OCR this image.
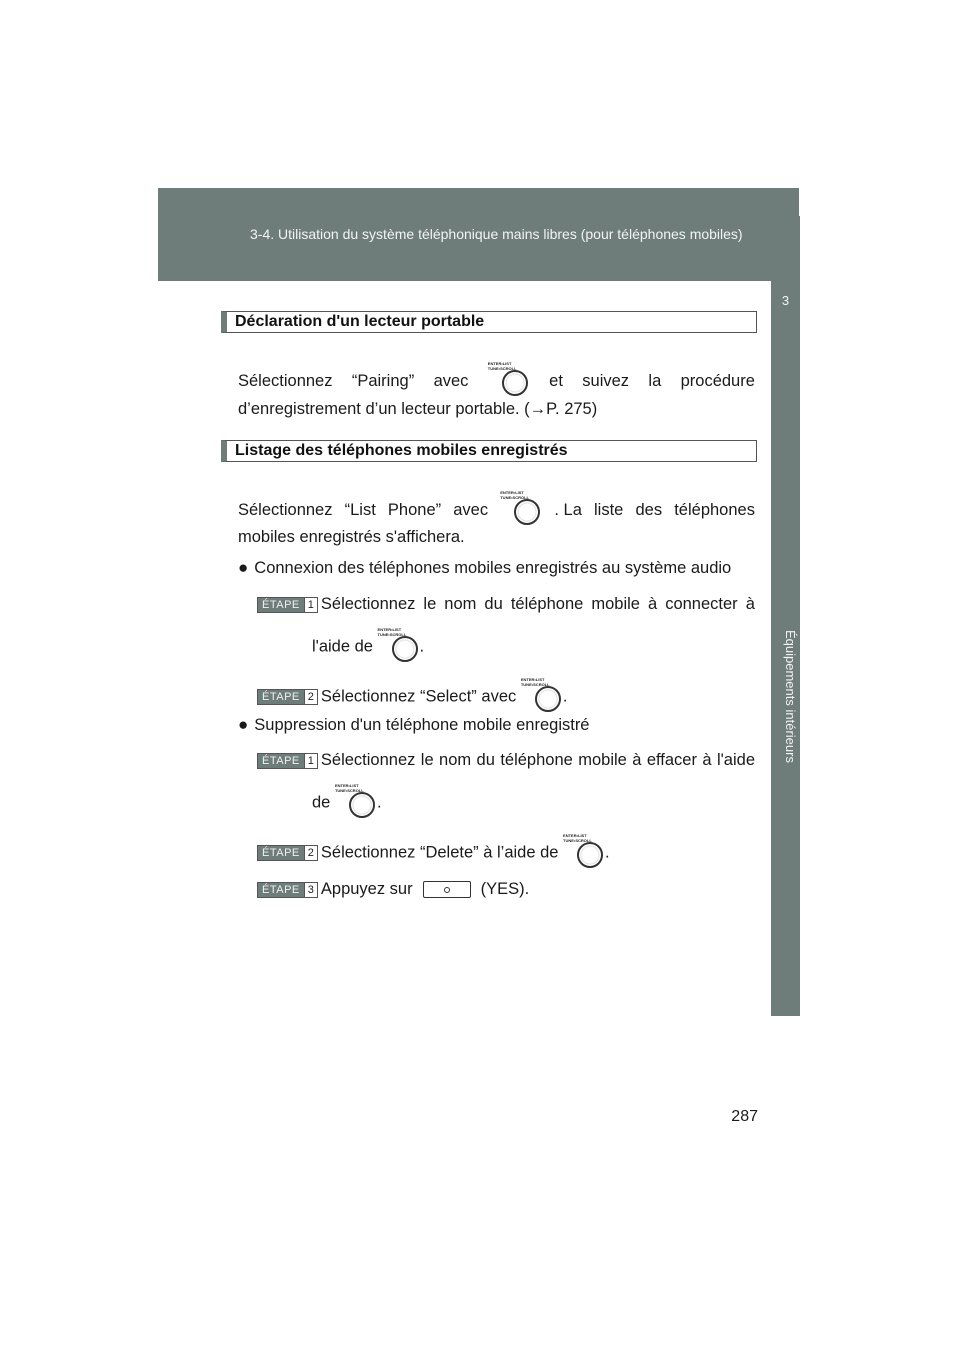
3-4. Utilisation du système téléphonique mains libres (pour téléphones mobiles)
3
Équipements intérieurs
Déclaration d'un lecteur portable
Sélectionnez “Pairing” avec
ENTER•LIST
TUNE•SCROLL
et suivez la procédure
d’enregistrement d’un lecteur portable. (→P. 275)
Listage des téléphones mobiles enregistrés
Sélectionnez “List Phone” avec
ENTER•LIST
TUNE•SCROLL
. La liste des téléphones
mobiles enregistrés s'affichera.
● Connexion des téléphones mobiles enregistrés au système audio
ÉTAPE 1 Sélectionnez le nom du téléphone mobile à connecter à
l'aide de
ENTER•LIST
TUNE•SCROLL
.
ÉTAPE 2 Sélectionnez “Select” avec
ENTER•LIST
TUNE•SCROLL
.
● Suppression d'un téléphone mobile enregistré
ÉTAPE 1 Sélectionnez le nom du téléphone mobile à effacer à l'aide
de
ENTER•LIST
TUNE•SCROLL
.
ÉTAPE 2 Sélectionnez “Delete” à l’aide de
ENTER•LIST
TUNE•SCROLL
.
ÉTAPE 3 Appuyez sur	(YES).
287
